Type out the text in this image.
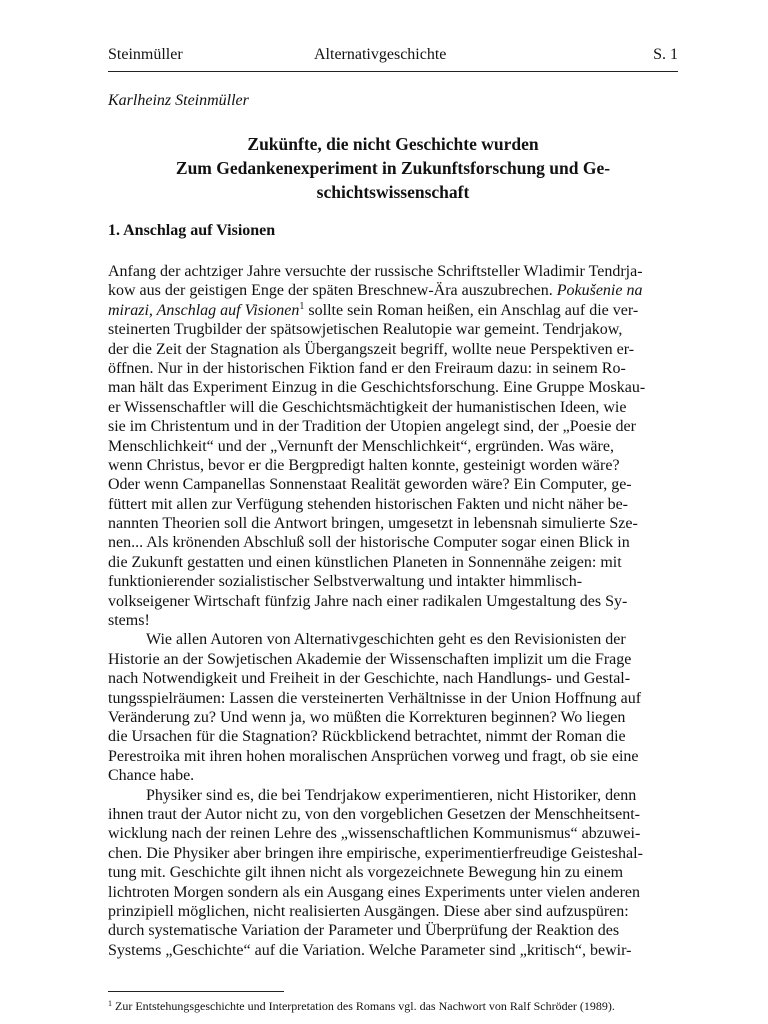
Steinmüller	Alternativgeschichte	S. 1
Karlheinz Steinmüller
Zukünfte, die nicht Geschichte wurden
Zum Gedankenexperiment in Zukunftsforschung und Ge-
schichtswissenschaft
1. Anschlag auf Visionen
Anfang der achtziger Jahre versuchte der russische Schriftsteller Wladimir Tendrja-
kow aus der geistigen Enge der späten Breschnew-Ära auszubrechen. Pokušenie na
mirazi, Anschlag auf Visionen$^1$ sollte sein Roman heißen, ein Anschlag auf die ver-
steinerten Trugbilder der spätsowjetischen Realutopie war gemeint. Tendrjakow,
der die Zeit der Stagnation als Übergangszeit begriff, wollte neue Perspektiven er-
öffnen. Nur in der historischen Fiktion fand er den Freiraum dazu: in seinem Ro-
man hält das Experiment Einzug in die Geschichtsforschung. Eine Gruppe Moskau-
er Wissenschaftler will die Geschichtsmächtigkeit der humanistischen Ideen, wie
sie im Christentum und in der Tradition der Utopien angelegt sind, der „Poesie der
Menschlichkeit“ und der „Vernunft der Menschlichkeit“, ergründen. Was wäre,
wenn Christus, bevor er die Bergpredigt halten konnte, gesteinigt worden wäre?
Oder wenn Campanellas Sonnenstaat Realität geworden wäre? Ein Computer, ge-
füttert mit allen zur Verfügung stehenden historischen Fakten und nicht näher be-
nannten Theorien soll die Antwort bringen, umgesetzt in lebensnah simulierte Sze-
nen... Als krönenden Abschluß soll der historische Computer sogar einen Blick in
die Zukunft gestatten und einen künstlichen Planeten in Sonnennähe zeigen: mit
funktionierender sozialistischer Selbstverwaltung und intakter himmlisch-
volkseigener Wirtschaft fünfzig Jahre nach einer radikalen Umgestaltung des Sy-
stems!
Wie allen Autoren von Alternativgeschichten geht es den Revisionisten der
Historie an der Sowjetischen Akademie der Wissenschaften implizit um die Frage
nach Notwendigkeit und Freiheit in der Geschichte, nach Handlungs- und Gestal-
tungsspielräumen: Lassen die versteinerten Verhältnisse in der Union Hoffnung auf
Veränderung zu? Und wenn ja, wo müßten die Korrekturen beginnen? Wo liegen
die Ursachen für die Stagnation? Rückblickend betrachtet, nimmt der Roman die
Perestroika mit ihren hohen moralischen Ansprüchen vorweg und fragt, ob sie eine
Chance habe.
Physiker sind es, die bei Tendrjakow experimentieren, nicht Historiker, denn
ihnen traut der Autor nicht zu, von den vorgeblichen Gesetzen der Menschheitsent-
wicklung nach der reinen Lehre des „wissenschaftlichen Kommunismus“ abzuwei-
chen. Die Physiker aber bringen ihre empirische, experimentierfreudige Geisteshal-
tung mit. Geschichte gilt ihnen nicht als vorgezeichnete Bewegung hin zu einem
lichtroten Morgen sondern als ein Ausgang eines Experiments unter vielen anderen
prinzipiell möglichen, nicht realisierten Ausgängen. Diese aber sind aufzuspüren:
durch systematische Variation der Parameter und Überprüfung der Reaktion des
Systems „Geschichte“ auf die Variation. Welche Parameter sind „kritisch“, bewir-
$^1$ Zur Entstehungsgeschichte und Interpretation des Romans vgl. das Nachwort von Ralf Schröder (1989).
